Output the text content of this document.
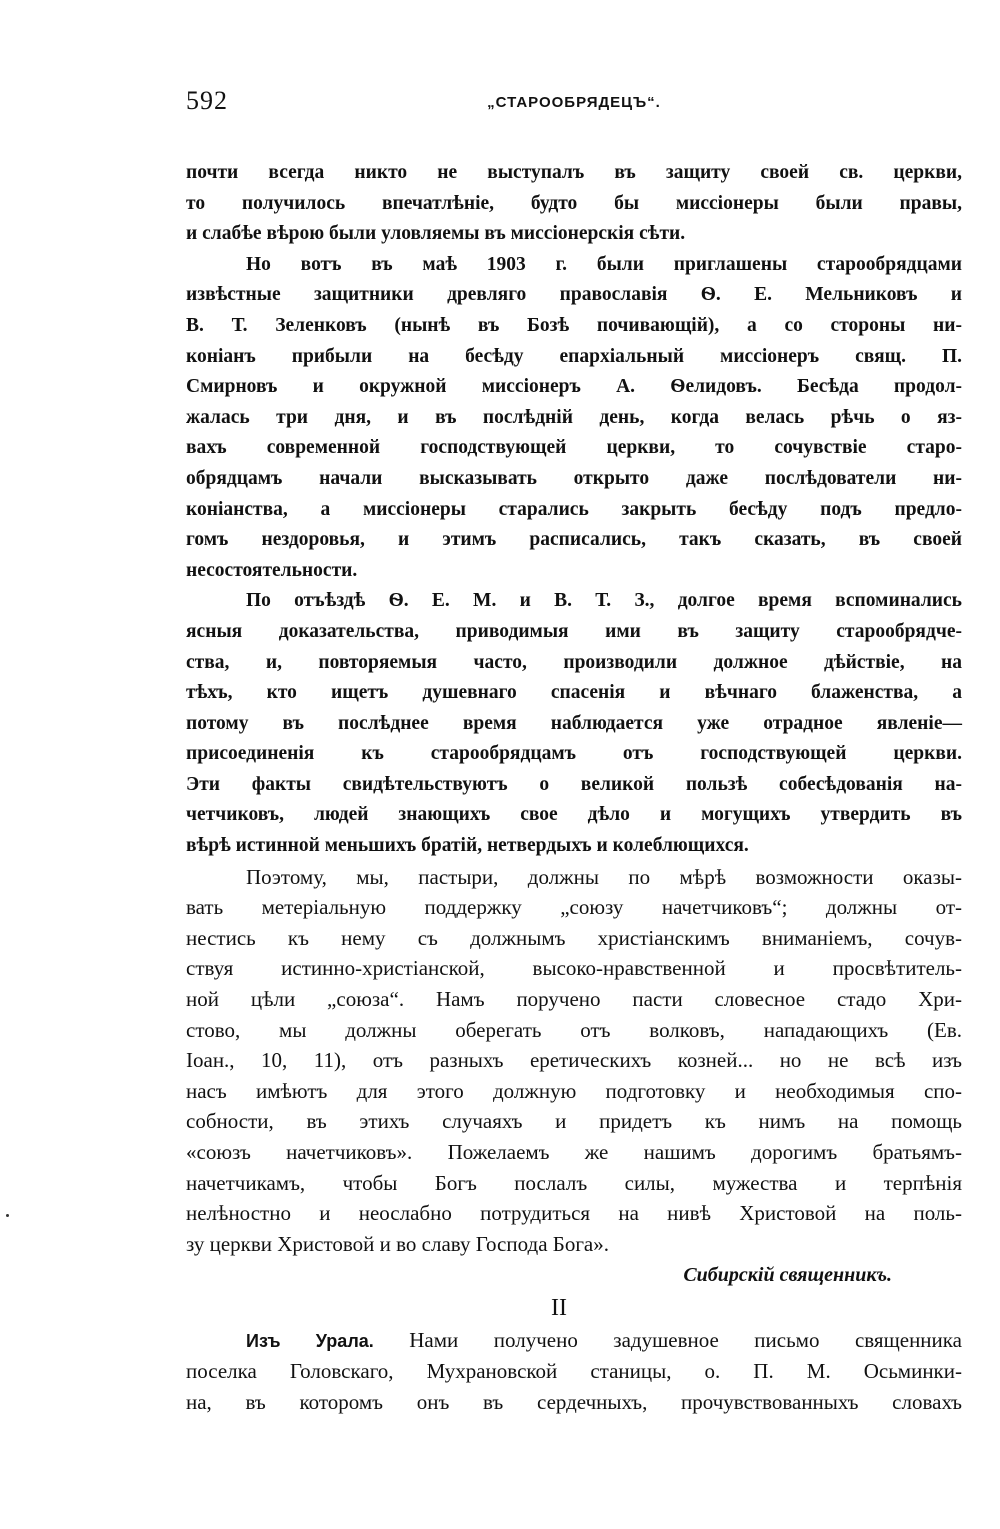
592	„СТАРООБРЯДЕЦЪ“.
почти всегда никто не выступалъ въ защиту своей св. церкви,
то получилось впечатлѣніе, будто бы миссіонеры были правы,
и слабѣе вѣрою были уловляемы въ миссіонерскія сѣти.
Но вотъ въ маѣ 1903 г. были приглашены старообрядцами
извѣстные защитники древляго православія Ѳ. Е. Мельниковъ и
В. Т. Зеленковъ (нынѣ въ Бозѣ почивающій), а со стороны ни-
коніанъ прибыли на бесѣду епархіальный миссіонеръ свящ. П.
Смирновъ и окружной миссіонеръ А. Ѳелидовъ. Бесѣда продол-
жалась три дня, и въ послѣдній день, когда велась рѣчь о яз-
вахъ современной господствующей церкви, то сочувствіе старо-
обрядцамъ начали высказывать открыто даже послѣдователи ни-
коніанства, а миссіонеры старались закрыть бесѣду подъ предло-
гомъ нездоровья, и этимъ расписались, такъ сказать, въ своей
несостоятельности.
По отъѣздѣ Ѳ. Е. М. и В. Т. З., долгое время вспоминались
ясныя доказательства, приводимыя ими въ защиту старообрядче-
ства, и, повторяемыя часто, производили должное дѣйствіе, на
тѣхъ, кто ищетъ душевнаго спасенія и вѣчнаго блаженства, а
потому въ послѣднее время наблюдается уже отрадное явленіе—
присоединенія къ старообрядцамъ отъ господствующей церкви.
Эти факты свидѣтельствуютъ о великой пользѣ собесѣдованія на-
четчиковъ, людей знающихъ свое дѣло и могущихъ утвердить въ
вѣрѣ истинной меньшихъ братій, нетвердыхъ и колеблющихся.
Поэтому, мы, пастыри, должны по мѣрѣ возможности оказы-
вать метеріальную поддержку „союзу начетчиковъ“; должны от-
нестись къ нему съ должнымъ христіанскимъ вниманіемъ, сочув-
ствуя истинно-христіанской, высоко-нравственной и просвѣтитель-
ной цѣли „союза“. Намъ поручено пасти словесное стадо Хри-
стово, мы должны оберегать отъ волковъ, нападающихъ (Ев.
Іоан., 10, 11), отъ разныхъ еретическихъ козней... но не всѣ изъ
насъ имѣютъ для этого должную подготовку и необходимыя спо-
собности, въ этихъ случаяхъ и придетъ къ нимъ на помощь
«союзъ начетчиковъ». Пожелаемъ же нашимъ дорогимъ братьямъ-
начетчикамъ, чтобы Богъ послалъ силы, мужества и терпѣнія
нелѣностно и неослабно потрудиться на нивѣ Христовой на поль-
зу церкви Христовой и во славу Господа Бога».
Сибирскій священникъ.
II
Изъ Урала. Нами получено задушевное письмо священника
поселка Головскаго, Мухрановской станицы, о. П. М. Осьминки-
на, въ которомъ онъ въ сердечныхъ, прочувствованныхъ словахъ
